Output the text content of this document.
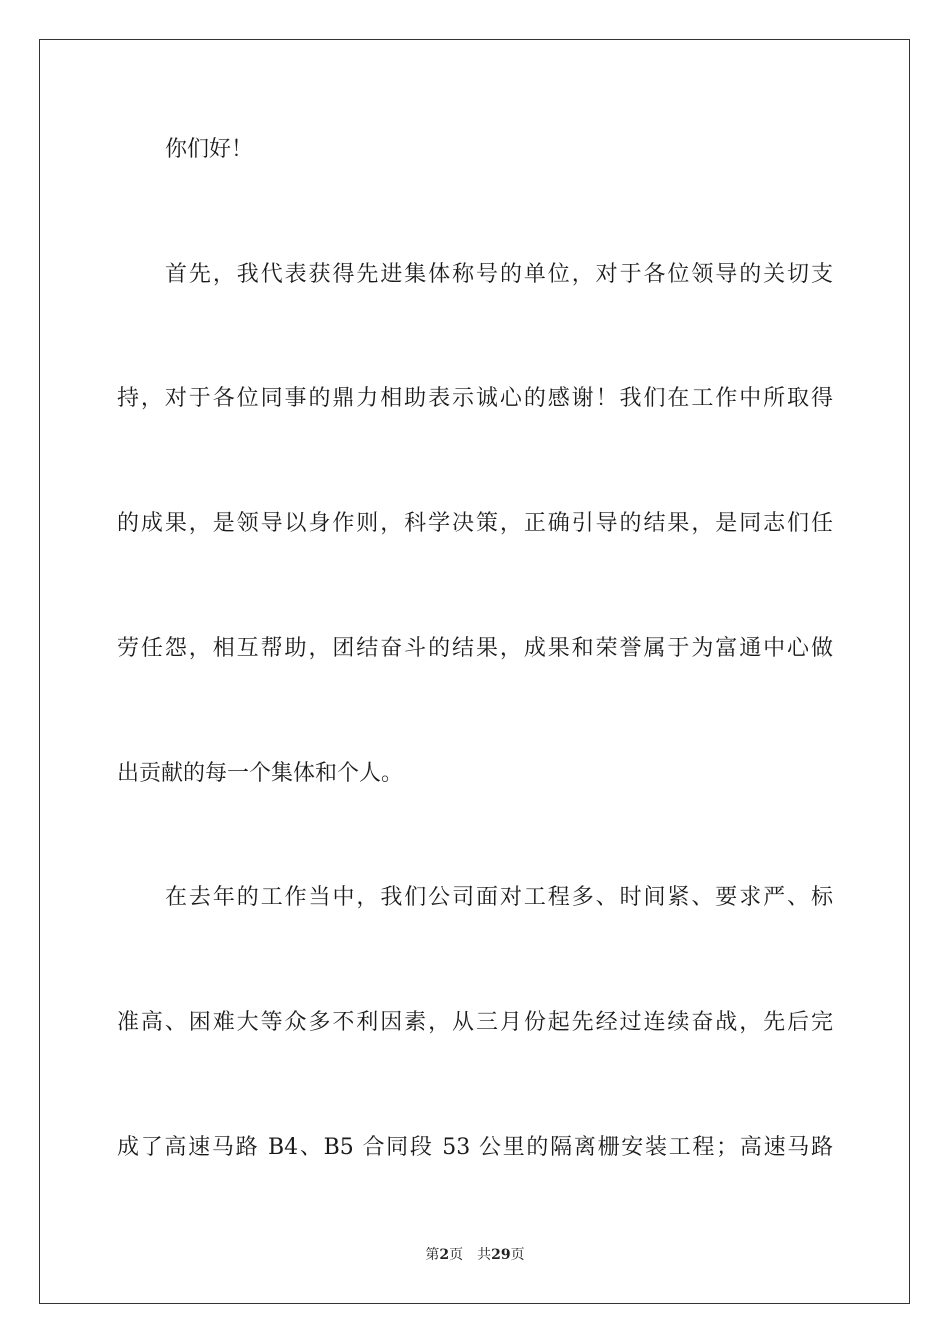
你们好！
首先，我代表获得先进集体称号的单位，对于各位领导的关切支
持，对于各位同事的鼎力相助表示诚心的感谢！我们在工作中所取得
的成果，是领导以身作则，科学决策，正确引导的结果，是同志们任
劳任怨，相互帮助，团结奋斗的结果，成果和荣誉属于为富通中心做
出贡献的每一个集体和个人。
在去年的工作当中，我们公司面对工程多、时间紧、要求严、标
准高、困难大等众多不利因素，从三月份起先经过连续奋战，先后完
成了高速马路 B4、B5 合同段 53 公里的隔离栅安装工程；高速马路
第2页 共29页
